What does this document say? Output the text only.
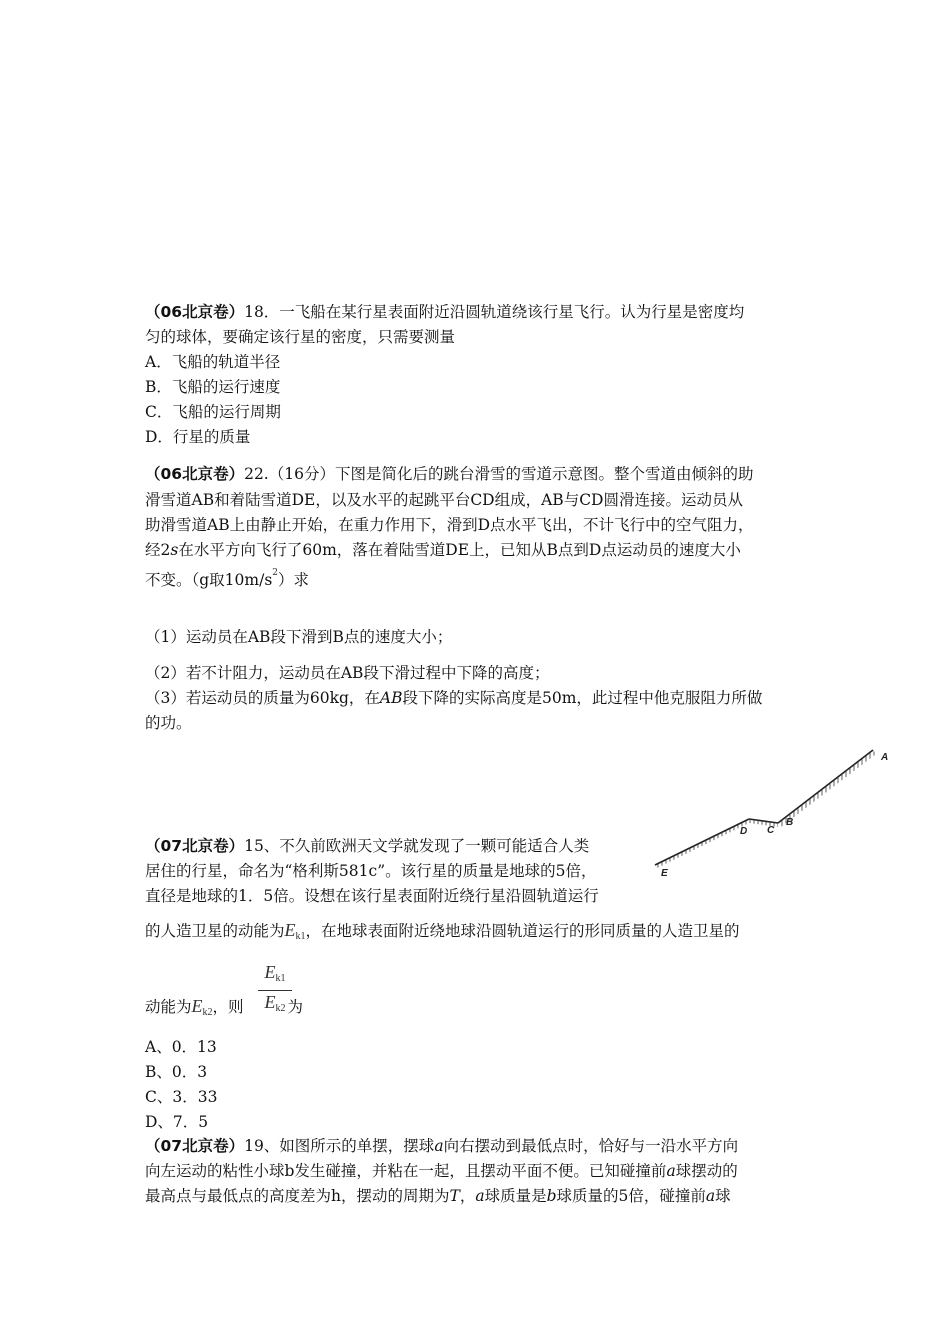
（06北京卷）18．一飞船在某行星表面附近沿圆轨道绕该行星飞行。认为行星是密度均
匀的球体，要确定该行星的密度，只需要测量
A．飞船的轨道半径
B．飞船的运行速度
C．飞船的运行周期
D．行星的质量
（06北京卷）22.（16分）下图是简化后的跳台滑雪的雪道示意图。整个雪道由倾斜的助
滑雪道AB和着陆雪道DE，以及水平的起跳平台CD组成，AB与CD圆滑连接。运动员从
助滑雪道AB上由静止开始，在重力作用下，滑到D点水平飞出，不计飞行中的空气阻力，
经2s在水平方向飞行了60m，落在着陆雪道DE上，已知从B点到D点运动员的速度大小
不变。（g取$10m/s^2$）求
（1）运动员在AB段下滑到B点的速度大小；
（2）若不计阻力，运动员在AB段下滑过程中下降的高度；
（3）若运动员的质量为60kg，在AB段下降的实际高度是50m，此过程中他克服阻力所做
的功。
A
B
C
D
E
（07北京卷）15、不久前欧洲天文学就发现了一颗可能适合人类
居住的行星，命名为“格利斯581c”。该行星的质量是地球的5倍，
直径是地球的1．5倍。设想在该行星表面附近绕行星沿圆轨道运行
的人造卫星的动能为Ek1，在地球表面附近绕地球沿圆轨道运行的形同质量的人造卫星的
Ek1
Ek2
动能为Ek2，则	为
A、0．13
B、0．3
C、3．33
D、7．5
（07北京卷）19、如图所示的单摆，摆球a向右摆动到最低点时，恰好与一沿水平方向
向左运动的粘性小球b发生碰撞，并粘在一起，且摆动平面不便。已知碰撞前a球摆动的
最高点与最低点的高度差为h，摆动的周期为T，a球质量是b球质量的5倍，碰撞前a球
